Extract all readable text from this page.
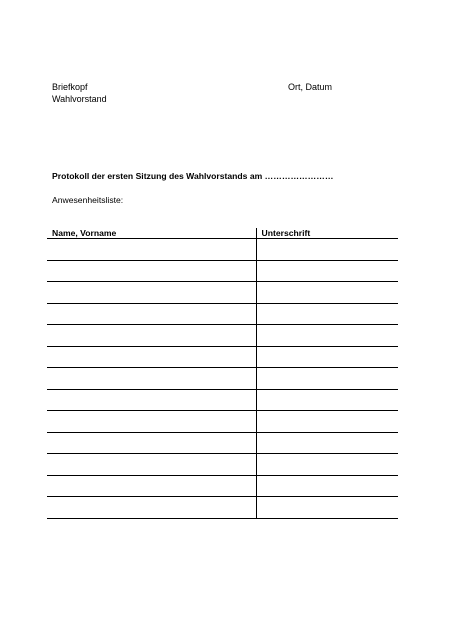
Briefkopf
Wahlvorstand
Ort, Datum
Protokoll der ersten Sitzung des Wahlvorstands am ……………………
Anwesenheitsliste:
Name, Vorname	Unterschrift
